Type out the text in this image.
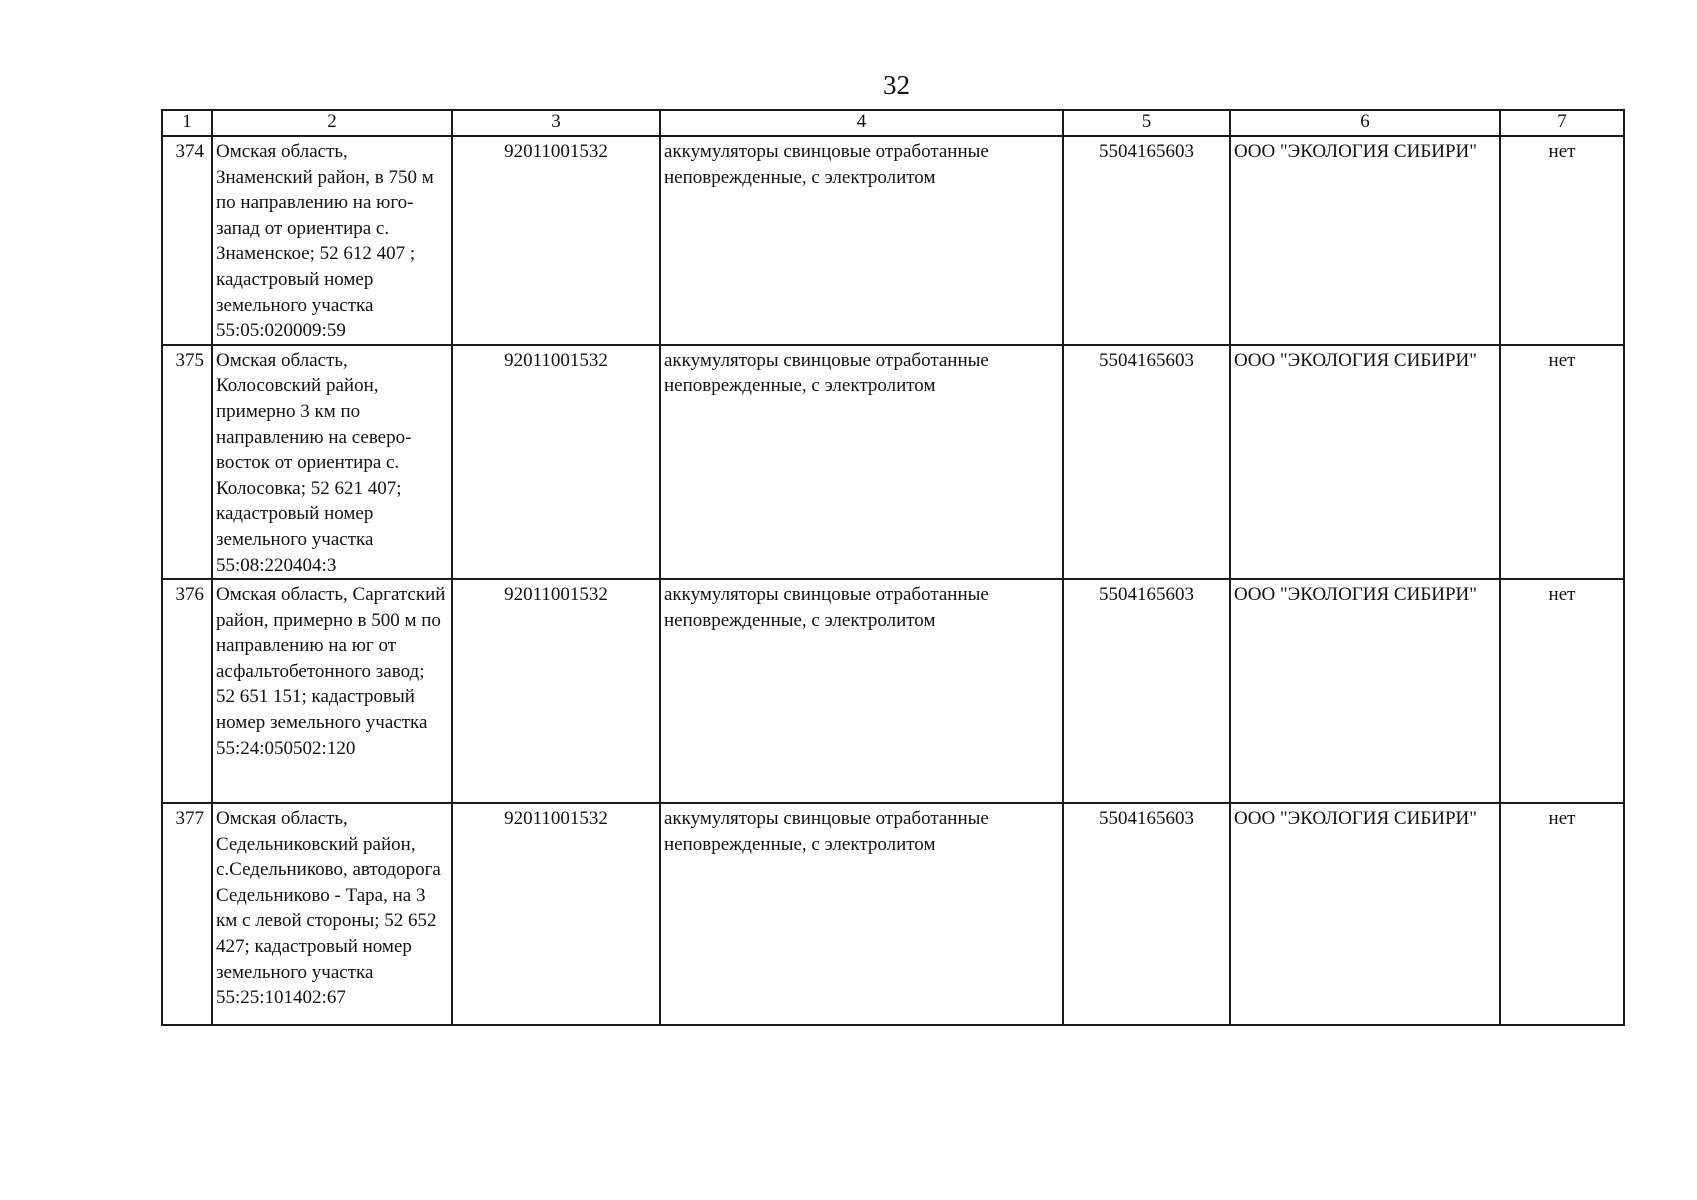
32
1	2	3	4	5	6	7

374	Омская область, Знаменский район, в 750 м по направлению на юго-запад от ориентира с. Знаменское; 52 612 407 ; кадастровый номер земельного участка 55:05:020009:59	92011001532	аккумуляторы свинцовые отработанные неповрежденные, с электролитом	5504165603	ООО "ЭКОЛОГИЯ СИБИРИ"	нет

375	Омская область, Колосовский район, примерно 3 км по направлению на северо-восток от ориентира с. Колосовка; 52 621 407; кадастровый номер земельного участка 55:08:220404:3	92011001532	аккумуляторы свинцовые отработанные неповрежденные, с электролитом	5504165603	ООО "ЭКОЛОГИЯ СИБИРИ"	нет

376	Омская область, Саргатский район, примерно в 500 м по направлению на юг от асфальтобетонного завод; 52 651 151; кадастровый номер земельного участка 55:24:050502:120	92011001532	аккумуляторы свинцовые отработанные неповрежденные, с электролитом	5504165603	ООО "ЭКОЛОГИЯ СИБИРИ"	нет

377	Омская область, Седельниковский район, с.Седельниково, автодорога Седельниково - Тара, на 3 км с левой стороны; 52 652 427; кадастровый номер земельного участка 55:25:101402:67	92011001532	аккумуляторы свинцовые отработанные неповрежденные, с электролитом	5504165603	ООО "ЭКОЛОГИЯ СИБИРИ"	нет
